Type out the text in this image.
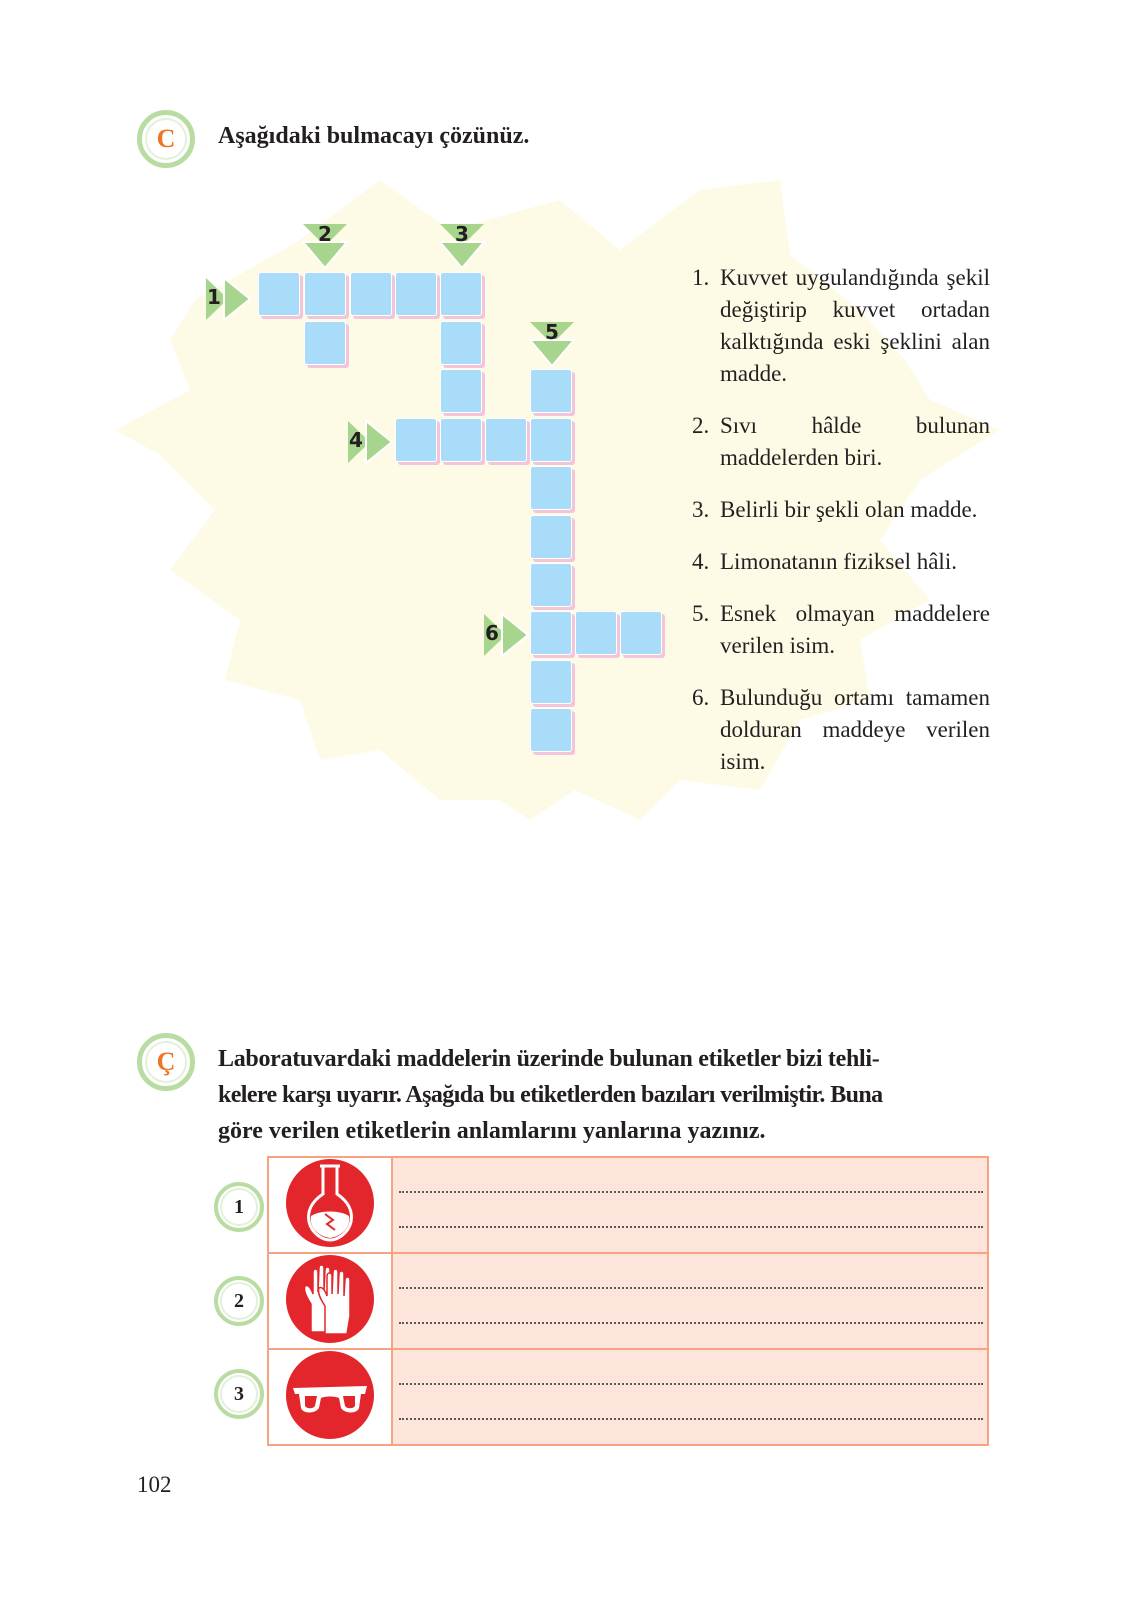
C Aşağıdaki bulmacayı çözünüz.
1
4
6
2	3
5
1. Kuvvet uygulandığında şekil değiştirip kuvvet ortadan kalktığında eski şeklini alan madde.
2. Sıvı hâlde bulunan maddelerden biri.
3. Belirli bir şekli olan madde.
4. Limonatanın fiziksel hâli.
5. Esnek olmayan maddelere verilen isim.
6. Bulunduğu ortamı tamamen dolduran maddeye verilen isim.
Ç Laboratuvardaki maddelerin üzerinde bulunan etiketler bizi tehli-
kelere karşı uyarır. Aşağıda bu etiketlerden bazıları verilmiştir. Buna
göre verilen etiketlerin anlamlarını yanlarına yazınız.
1
2
3

102
